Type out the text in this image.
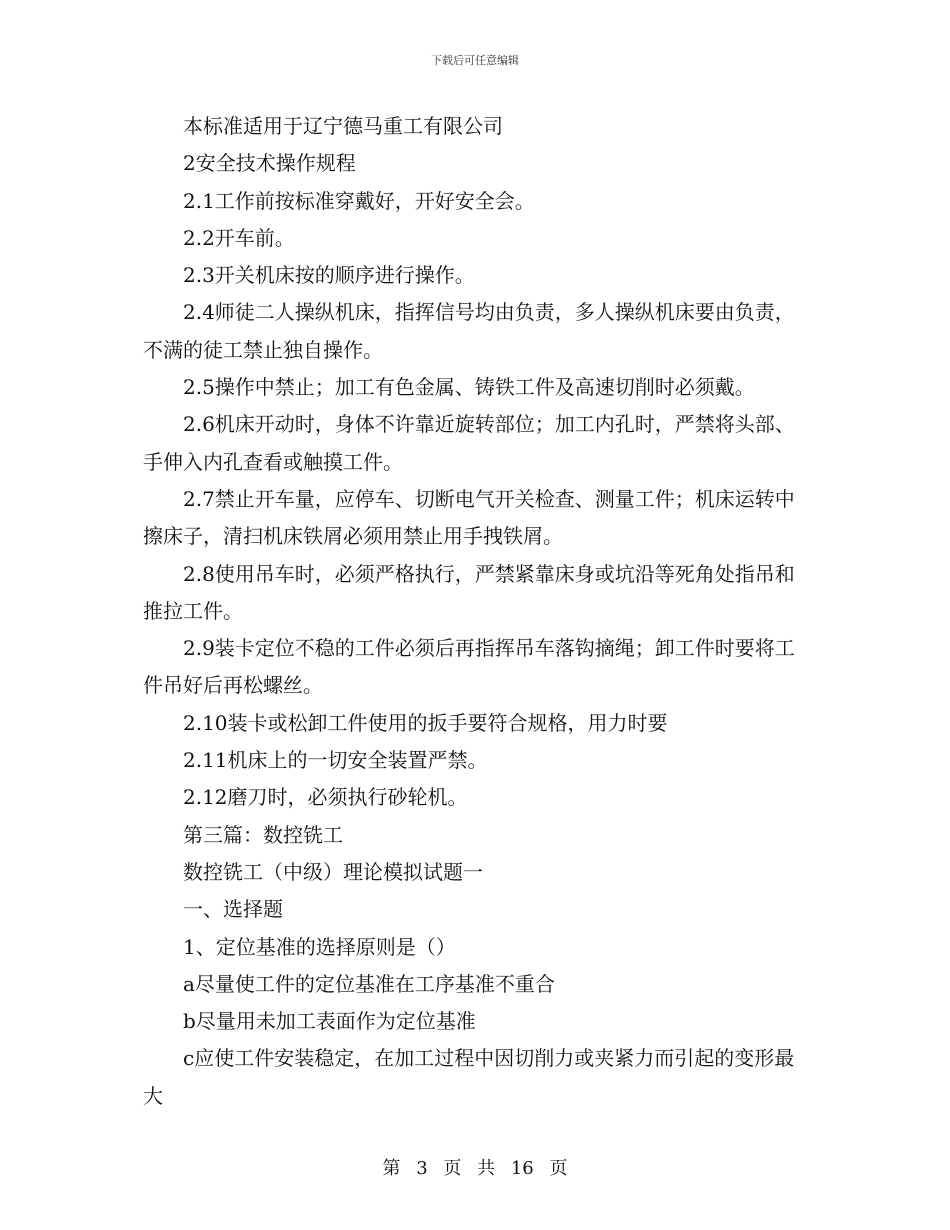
下载后可任意编辑

本标准适用于辽宁德马重工有限公司

2安全技术操作规程

2.1工作前按标准穿戴好，开好安全会。

2.2开车前。

2.3开关机床按的顺序进行操作。

2.4师徒二人操纵机床，指挥信号均由负责，多人操纵机床要由负责，不满的徒工禁止独自操作。

2.5操作中禁止；加工有色金属、铸铁工件及高速切削时必须戴。

2.6机床开动时，身体不许靠近旋转部位；加工内孔时，严禁将头部、手伸入内孔查看或触摸工件。

2.7禁止开车量，应停车、切断电气开关检查、测量工件；机床运转中擦床子，清扫机床铁屑必须用禁止用手拽铁屑。

2.8使用吊车时，必须严格执行，严禁紧靠床身或坑沿等死角处指吊和推拉工件。

2.9装卡定位不稳的工件必须后再指挥吊车落钩摘绳；卸工件时要将工件吊好后再松螺丝。

2.10装卡或松卸工件使用的扳手要符合规格，用力时要

2.11机床上的一切安全装置严禁。

2.12磨刀时，必须执行砂轮机。

第三篇：数控铣工

数控铣工（中级）理论模拟试题一

一、选择题

1、定位基准的选择原则是（）

a尽量使工件的定位基准在工序基准不重合

b尽量用未加工表面作为定位基准

c应使工件安装稳定，在加工过程中因切削力或夹紧力而引起的变形最大

第 3 页 共 16 页
